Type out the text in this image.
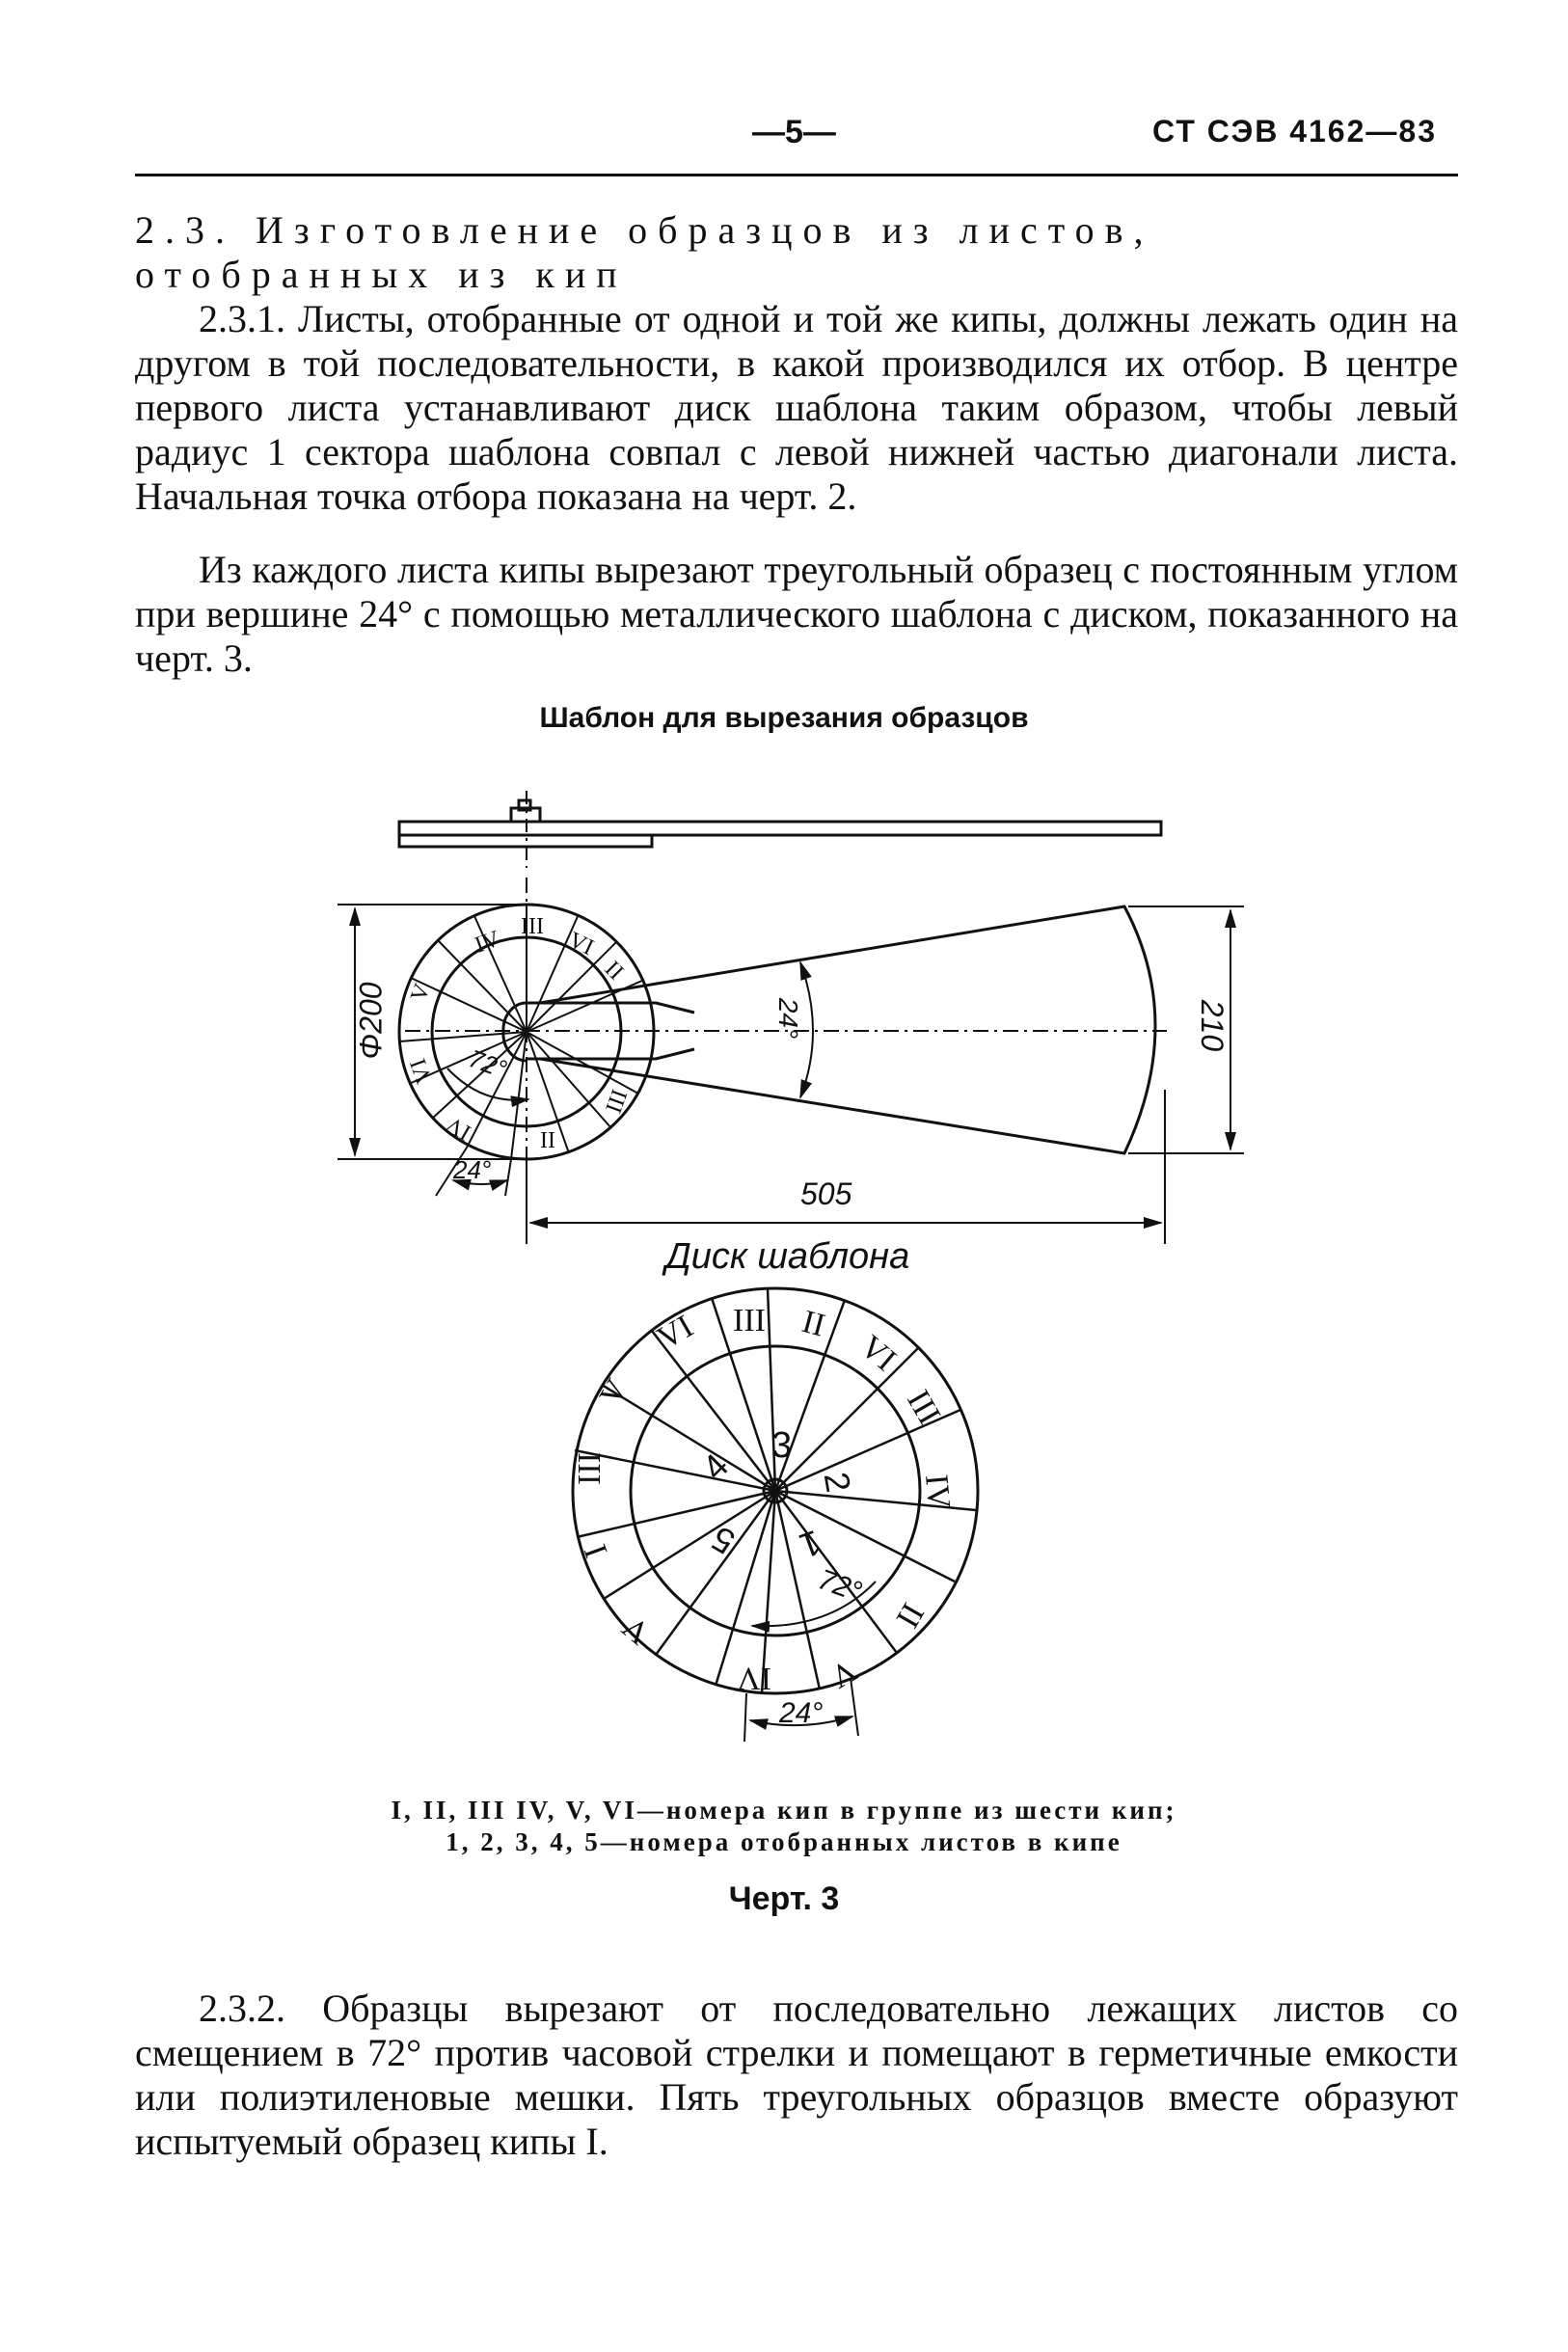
—5—	СТ СЭВ 4162—83
2.3. Изготовление образцов из листов, отобранных из кип
2.3.1. Листы, отобранные от одной и той же кипы, должны лежать один на другом в той последовательности, в какой производился их отбор. В центре первого листа устанавливают диск шаблона таким образом, чтобы левый радиус 1 сектора шаблона совпал с левой нижней частью диагонали листа. Начальная точка отбора показана на черт. 2.
Из каждого листа кипы вырезают треугольный образец с постоянным углом при вершине 24° с помощью металлического шаблона с диском, показанного на черт. 3.
Шаблон для вырезания образцов
IV III
VI
II
V
VI
III
II
IV
III II
VI
III
IV
VI
V
III
I
V	II
V
IV
Φ200	210
505
24°
72°
24°
Диск шаблона
3
2
4
5 1
72°
24°
I, II, III IV, V, VI—номера кип в группе из шести кип;
1, 2, 3, 4, 5—номера отобранных листов в кипе
Черт. 3
2.3.2. Образцы вырезают от последовательно лежащих листов со смещением в 72° против часовой стрелки и помещают в герметичные емкости или полиэтиленовые мешки. Пять треугольных образцов вместе образуют испытуемый образец кипы I.
